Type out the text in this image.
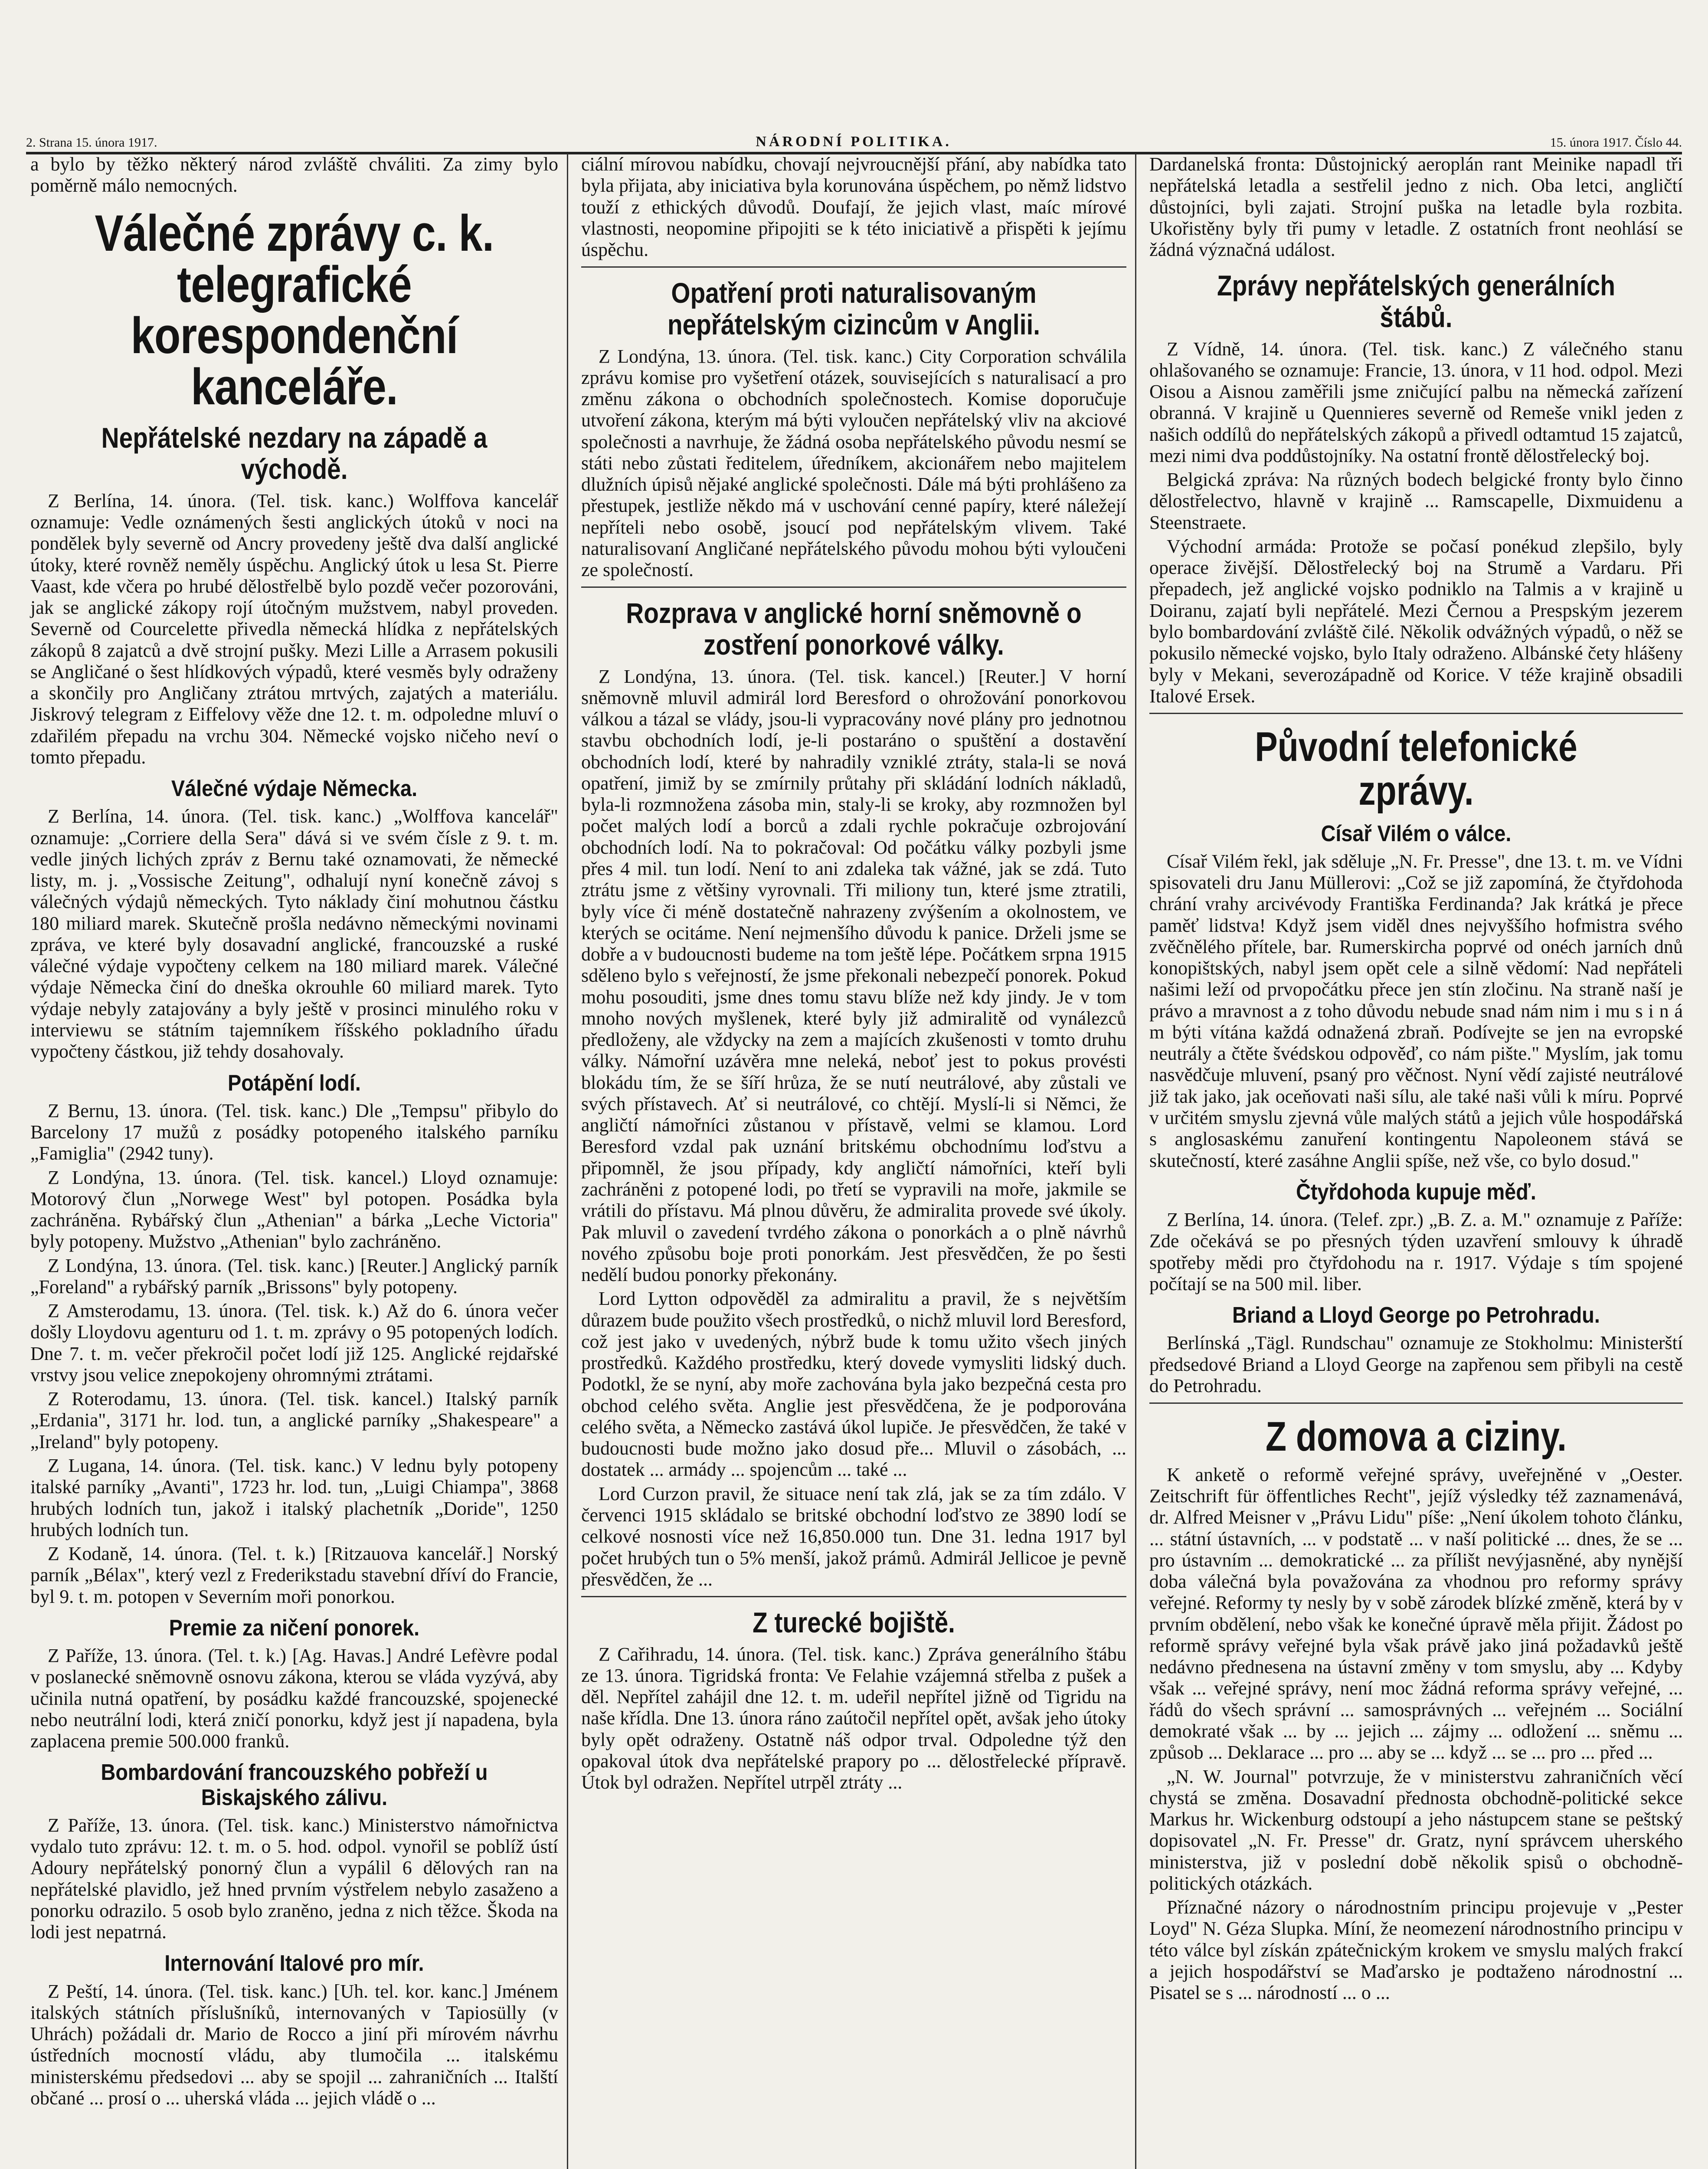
2. Strana 15. února 1917.	NÁRODNÍ POLITIKA.	15. února 1917. Číslo 44.
a bylo by těžko některý národ zvláště chváliti. Za zimy bylo poměrně málo nemocných.
Válečné zprávy c. k. telegrafické korespondenční kanceláře.
Nepřátelské nezdary na západě a východě.
Z Berlína, 14. února. (Tel. tisk. kanc.) Wolffova kancelář oznamuje: Vedle oznámených šesti anglických útoků v noci na pondělek byly severně od Ancry provedeny ještě dva další anglické útoky, které rovněž neměly úspěchu. Anglický útok u lesa St. Pierre Vaast, kde včera po hrubé dělostřelbě bylo pozdě večer pozorováni, jak se anglické zákopy rojí útočným mužstvem, nabyl proveden. Severně od Courcelette přivedla německá hlídka z nepřátelských zákopů 8 zajatců a dvě strojní pušky. Mezi Lille a Arrasem pokusili se Angličané o šest hlídkových výpadů, které vesměs byly odraženy a skončily pro Angličany ztrátou mrtvých, zajatých a materiálu. Jiskrový telegram z Eiffelovy věže dne 12. t. m. odpoledne mluví o zdařilém přepadu na vrchu 304. Německé vojsko ničeho neví o tomto přepadu.
Válečné výdaje Německa.
Z Berlína, 14. února. (Tel. tisk. kanc.) „Wolffova kancelář" oznamuje: „Corriere della Sera" dává si ve svém čísle z 9. t. m. vedle jiných lichých zpráv z Bernu také oznamovati, že německé listy, m. j. „Vossische Zeitung", odhalují nyní konečně závoj s válečných výdajů německých. Tyto náklady činí mohutnou částku 180 miliard marek. Skutečně prošla nedávno německými novinami zpráva, ve které byly dosavadní anglické, francouzské a ruské válečné výdaje vypočteny celkem na 180 miliard marek. Válečné výdaje Německa činí do dneška okrouhle 60 miliard marek. Tyto výdaje nebyly zatajovány a byly ještě v prosinci minulého roku v interviewu se státním tajemníkem říšského pokladního úřadu vypočteny částkou, již tehdy dosahovaly.
Potápění lodí.
Z Bernu, 13. února. (Tel. tisk. kanc.) Dle „Tempsu" přibylo do Barcelony 17 mužů z posádky potopeného italského parníku „Famiglia" (2942 tuny).
Z Londýna, 13. února. (Tel. tisk. kancel.) Lloyd oznamuje: Motorový člun „Norwege West" byl potopen. Posádka byla zachráněna. Rybářský člun „Athenian" a bárka „Leche Victoria" byly potopeny. Mužstvo „Athenian" bylo zachráněno.
Z Londýna, 13. února. (Tel. tisk. kanc.) [Reuter.] Anglický parník „Foreland" a rybářský parník „Brissons" byly potopeny.
Z Amsterodamu, 13. února. (Tel. tisk. k.) Až do 6. února večer došly Lloydovu agenturu od 1. t. m. zprávy o 95 potopených lodích. Dne 7. t. m. večer překročil počet lodí již 125. Anglické rejdařské vrstvy jsou velice znepokojeny ohromnými ztrátami.
Z Roterodamu, 13. února. (Tel. tisk. kancel.) Italský parník „Erdania", 3171 hr. lod. tun, a anglické parníky „Shakespeare" a „Ireland" byly potopeny.
Z Lugana, 14. února. (Tel. tisk. kanc.) V lednu byly potopeny italské parníky „Avanti", 1723 hr. lod. tun, „Luigi Chiampa", 3868 hrubých lodních tun, jakož i italský plachetník „Doride", 1250 hrubých lodních tun.
Z Kodaně, 14. února. (Tel. t. k.) [Ritzauova kancelář.] Norský parník „Bélax", který vezl z Frederikstadu stavební dříví do Francie, byl 9. t. m. potopen v Severním moři ponorkou.
Premie za ničení ponorek.
Z Paříže, 13. února. (Tel. t. k.) [Ag. Havas.] André Lefèvre podal v poslanecké sněmovně osnovu zákona, kterou se vláda vyzývá, aby učinila nutná opatření, by posádku každé francouzské, spojenecké nebo neutrální lodi, která zničí ponorku, když jest jí napadena, byla zaplacena premie 500.000 franků.
Bombardování francouzského pobřeží u Biskajského zálivu.
Z Paříže, 13. února. (Tel. tisk. kanc.) Ministerstvo námořnictva vydalo tuto zprávu: 12. t. m. o 5. hod. odpol. vynořil se poblíž ústí Adoury nepřátelský ponorný člun a vypálil 6 dělových ran na nepřátelské plavidlo, jež hned prvním výstřelem nebylo zasaženo a ponorku odrazilo. 5 osob bylo zraněno, jedna z nich těžce. Škoda na lodi jest nepatrná.
Internování Italové pro mír.
Z Peští, 14. února. (Tel. tisk. kanc.) [Uh. tel. kor. kanc.] Jménem italských státních příslušníků, internovaných v Tapiosülly (v Uhrách) požádali dr. Mario de Rocco a jiní při mírovém návrhu ústředních mocností vládu, aby tlumočila ... italskému ministerskému předsedovi ... aby se spojil ... zahraničních ... Italští občané ... prosí o ... uherská vláda ... jejich vládě o ...
ciální mírovou nabídku, chovají nejvroucnější přání, aby nabídka tato byla přijata, aby iniciativa byla korunována úspěchem, po němž lidstvo touží z ethických důvodů. Doufají, že jejich vlast, maíc mírové vlastnosti, neopomine připojiti se k této iniciativě a přispěti k jejímu úspěchu.
Opatření proti naturalisovaným nepřátelským cizincům v Anglii.
Z Londýna, 13. února. (Tel. tisk. kanc.) City Corporation schválila zprávu komise pro vyšetření otázek, souvisejících s naturalisací a pro změnu zákona o obchodních společnostech. Komise doporučuje utvoření zákona, kterým má býti vyloučen nepřátelský vliv na akciové společnosti a navrhuje, že žádná osoba nepřátelského původu nesmí se státi nebo zůstati ředitelem, úředníkem, akcionářem nebo majitelem dlužních úpisů nějaké anglické společnosti. Dále má býti prohlášeno za přestupek, jestliže někdo má v uschování cenné papíry, které náležejí nepříteli nebo osobě, jsoucí pod nepřátelským vlivem. Také naturalisovaní Angličané nepřátelského původu mohou býti vyloučeni ze společností.
Rozprava v anglické horní sněmovně o zostření ponorkové války.
Z Londýna, 13. února. (Tel. tisk. kancel.) [Reuter.] V horní sněmovně mluvil admirál lord Beresford o ohrožování ponorkovou válkou a tázal se vlády, jsou-li vypracovány nové plány pro jednotnou stavbu obchodních lodí, je-li postaráno o spuštění a dostavění obchodních lodí, které by nahradily vzniklé ztráty, stala-li se nová opatření, jimiž by se zmírnily průtahy při skládání lodních nákladů, byla-li rozmnožena zásoba min, staly-li se kroky, aby rozmnožen byl počet malých lodí a borců a zdali rychle pokračuje ozbrojování obchodních lodí. Na to pokračoval: Od počátku války pozbyli jsme přes 4 mil. tun lodí. Není to ani zdaleka tak vážné, jak se zdá. Tuto ztrátu jsme z většiny vyrovnali. Tři miliony tun, které jsme ztratili, byly více či méně dostatečně nahrazeny zvýšením a okolnostem, ve kterých se ocitáme. Není nejmenšího důvodu k panice. Drželi jsme se dobře a v budoucnosti budeme na tom ještě lépe. Počátkem srpna 1915 sděleno bylo s veřejností, že jsme překonali nebezpečí ponorek. Pokud mohu posouditi, jsme dnes tomu stavu blíže než kdy jindy. Je v tom mnoho nových myšlenek, které byly již admiralitě od vynálezců předloženy, ale vždycky na zem a majících zkušenosti v tomto druhu války. Námořní uzávěra mne neleká, neboť jest to pokus provésti blokádu tím, že se šíří hrůza, že se nutí neutrálové, aby zůstali ve svých přístavech. Ať si neutrálové, co chtějí. Myslí-li si Němci, že angličtí námořníci zůstanou v přístavě, velmi se klamou. Lord Beresford vzdal pak uznání britskému obchodnímu loďstvu a připomněl, že jsou případy, kdy angličtí námořníci, kteří byli zachráněni z potopené lodi, po třetí se vypravili na moře, jakmile se vrátili do přístavu. Má plnou důvěru, že admiralita provede své úkoly. Pak mluvil o zavedení tvrdého zákona o ponorkách a o plně návrhů nového způsobu boje proti ponorkám. Jest přesvědčen, že po šesti nedělí budou ponorky překonány.
Lord Lytton odpověděl za admiralitu a pravil, že s největším důrazem bude použito všech prostředků, o nichž mluvil lord Beresford, což jest jako v uvedených, nýbrž bude k tomu užito všech jiných prostředků. Každého prostředku, který dovede vymysliti lidský duch. Podotkl, že se nyní, aby moře zachována byla jako bezpečná cesta pro obchod celého světa. Anglie jest přesvědčena, že je podporována celého světa, a Německo zastává úkol lupiče. Je přesvědčen, že také v budoucnosti bude možno jako dosud pře... Mluvil o zásobách, ... dostatek ... armády ... spojencům ... také ...
Lord Curzon pravil, že situace není tak zlá, jak se za tím zdálo. V červenci 1915 skládalo se britské obchodní loďstvo ze 3890 lodí se celkové nosnosti více než 16,850.000 tun. Dne 31. ledna 1917 byl počet hrubých tun o 5% menší, jakož prámů. Admirál Jellicoe je pevně přesvědčen, že ...
Z turecké bojiště.
Z Cařihradu, 14. února. (Tel. tisk. kanc.) Zpráva generálního štábu ze 13. února. Tigridská fronta: Ve Felahie vzájemná střelba z pušek a děl. Nepřítel zahájil dne 12. t. m. udeřil nepřítel jižně od Tigridu na naše křídla. Dne 13. února ráno zaútočil nepřítel opět, avšak jeho útoky byly opět odraženy. Ostatně náš odpor trval. Odpoledne týž den opakoval útok dva nepřátelské prapory po ... dělostřelecké přípravě. Útok byl odražen. Nepřítel utrpěl ztráty ...
Dardanelská fronta: Důstojnický aeroplán rant Meinike napadl tři nepřátelská letadla a sestřelil jedno z nich. Oba letci, angličtí důstojníci, byli zajati. Strojní puška na letadle byla rozbita. Ukořistěny byly tři pumy v letadle. Z ostatních front neohlásí se žádná význačná událost.
Zprávy nepřátelských generálních štábů.
Z Vídně, 14. února. (Tel. tisk. kanc.) Z válečného stanu ohlašovaného se oznamuje: Francie, 13. února, v 11 hod. odpol. Mezi Oisou a Aisnou zaměřili jsme zničující palbu na německá zařízení obranná. V krajině u Quennieres severně od Remeše vnikl jeden z našich oddílů do nepřátelských zákopů a přivedl odtamtud 15 zajatců, mezi nimi dva poddůstojníky. Na ostatní frontě dělostřelecký boj.
Belgická zpráva: Na různých bodech belgické fronty bylo činno dělostřelectvo, hlavně v krajině ... Ramscapelle, Dixmuidenu a Steenstraete.
Východní armáda: Protože se počasí ponékud zlepšilo, byly operace živější. Dělostřelecký boj na Strumě a Vardaru. Při přepadech, jež anglické vojsko podniklo na Talmis a v krajině u Doiranu, zajatí byli nepřátelé. Mezi Černou a Prespským jezerem bylo bombardování zvláště čilé. Několik odvážných výpadů, o něž se pokusilo německé vojsko, bylo Italy odraženo. Albánské čety hlášeny byly v Mekani, severozápadně od Korice. V téže krajině obsadili Italové Ersek.
Původní telefonické zprávy.
Císař Vilém o válce.
Císař Vilém řekl, jak sděluje „N. Fr. Presse", dne 13. t. m. ve Vídni spisovateli dru Janu Müllerovi: „Což se již zapomíná, že čtyřdohoda chrání vrahy arcivévody Františka Ferdinanda? Jak krátká je přece paměť lidstva! Když jsem viděl dnes nejvyššího hofmistra svého zvěčnělého přítele, bar. Rumerskircha poprvé od onéch jarních dnů konopištských, nabyl jsem opět cele a silně vědomí: Nad nepřáteli našimi leží od prvopočátku přece jen stín zločinu. Na straně naší je právo a mravnost a z toho důvodu nebude snad nám nim i mu s i n á m býti vítána každá odnažená zbraň. Podívejte se jen na evropské neutrály a čtěte švédskou odpověď, co nám pište." Myslím, jak tomu nasvědčuje mluvení, psaný pro věčnost. Nyní vědí zajisté neutrálové již tak jako, jak oceňovati naši sílu, ale také naši vůli k míru. Poprvé v určitém smyslu zjevná vůle malých států a jejich vůle hospodářská s anglosaskému zanuření kontingentu Napoleonem stává se skutečností, které zasáhne Anglii spíše, než vše, co bylo dosud."
Čtyřdohoda kupuje měď.
Z Berlína, 14. února. (Telef. zpr.) „B. Z. a. M." oznamuje z Paříže: Zde očekává se po přesných týden uzavření smlouvy k úhradě spotřeby mědi pro čtyřdohodu na r. 1917. Výdaje s tím spojené počítají se na 500 mil. liber.
Briand a Lloyd George po Petrohradu.
Berlínská „Tägl. Rundschau" oznamuje ze Stokholmu: Ministerští předsedové Briand a Lloyd George na zapřenou sem přibyli na cestě do Petrohradu.
Z domova a ciziny.
K anketě o reformě veřejné správy, uveřejněné v „Oester. Zeitschrift für öffentliches Recht", jejíž výsledky též zaznamenává, dr. Alfred Meisner v „Právu Lidu" píše: „Není úkolem tohoto článku, ... státní ústavních, ... v podstatě ... v naší politické ... dnes, že se ... pro ústavním ... demokratické ... za přílišt nevýjasněné, aby nynější doba válečná byla považována za vhodnou pro reformy správy veřejné. Reformy ty nesly by v sobě zárodek blízké změně, která by v prvním obdělení, nebo však ke konečné úpravě měla přijit. Žádost po reformě správy veřejné byla však právě jako jiná požadavků ještě nedávno přednesena na ústavní změny v tom smyslu, aby ... Kdyby však ... veřejné správy, není moc žádná reforma správy veřejné, ... řádů do všech správní ... samosprávných ... veřejném ... Sociální demokraté však ... by ... jejich ... zájmy ... odložení ... sněmu ... způsob ... Deklarace ... pro ... aby se ... když ... se ... pro ... před ...
„N. W. Journal" potvrzuje, že v ministerstvu zahraničních věcí chystá se změna. Dosavadní přednosta obchodně-politické sekce Markus hr. Wickenburg odstoupí a jeho nástupcem stane se peštský dopisovatel „N. Fr. Presse" dr. Gratz, nyní správcem uherského ministerstva, již v poslední době několik spisů o obchodně-politických otázkách.
Příznačné názory o národnostním principu projevuje v „Pester Loyd" N. Géza Slupka. Míní, že neomezení národnostního principu v této válce byl získán zpátečnickým krokem ve smyslu malých frakcí a jejich hospodářství se Maďarsko je podtaženo národnostní ... Pisatel se s ... národností ... o ...
